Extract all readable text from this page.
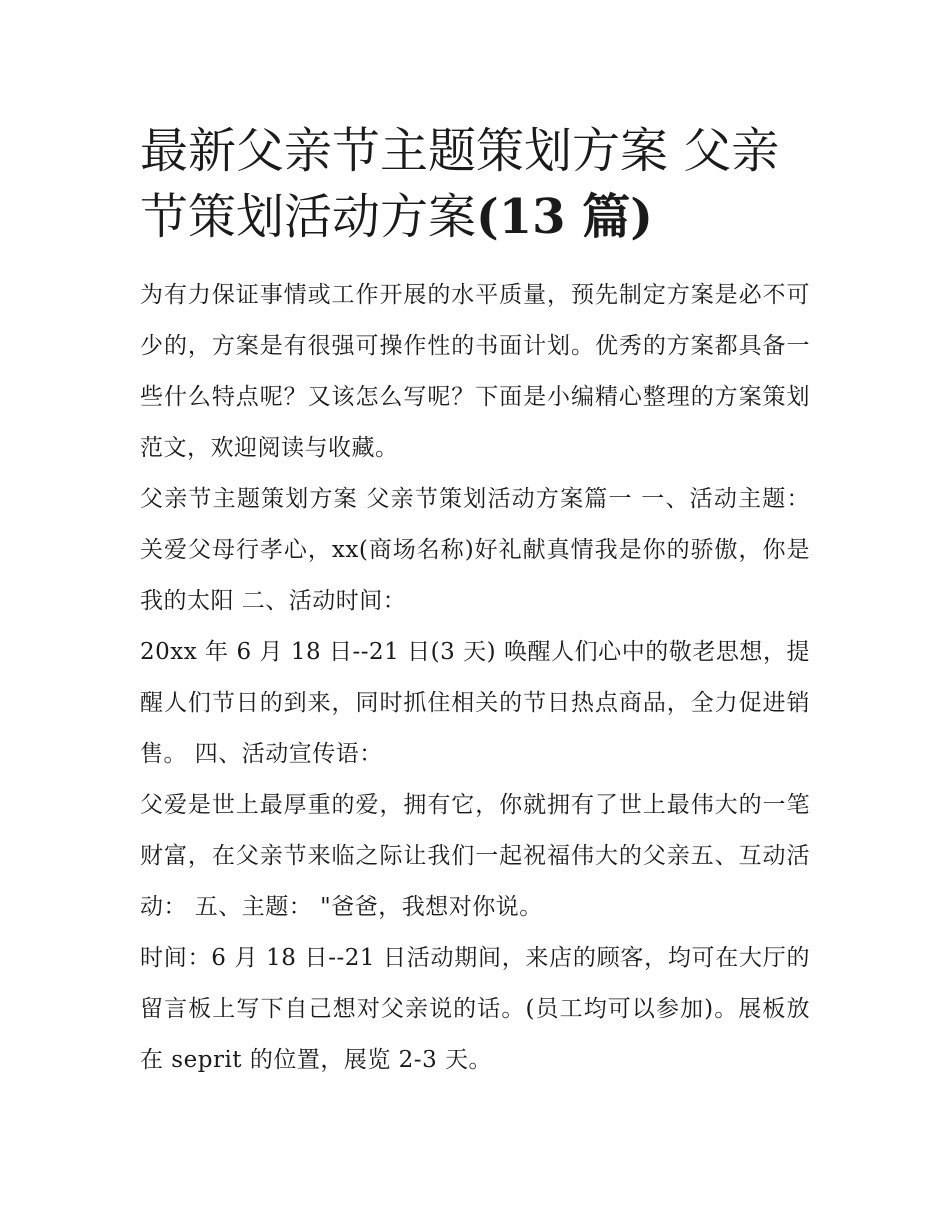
最新父亲节主题策划方案 父亲节策划活动方案(13 篇)

为有力保证事情或工作开展的水平质量，预先制定方案是必不可少的，方案是有很强可操作性的书面计划。优秀的方案都具备一些什么特点呢？又该怎么写呢？下面是小编精心整理的方案策划范文，欢迎阅读与收藏。

父亲节主题策划方案 父亲节策划活动方案篇一 一、活动主题： 关爱父母行孝心，xx(商场名称)好礼献真情我是你的骄傲，你是我的太阳 二、活动时间：

20xx 年 6 月 18 日--21 日(3 天) 唤醒人们心中的敬老思想，提醒人们节日的到来，同时抓住相关的节日热点商品，全力促进销售。 四、活动宣传语：

父爱是世上最厚重的爱，拥有它，你就拥有了世上最伟大的一笔财富，在父亲节来临之际让我们一起祝福伟大的父亲五、互动活动： 五、主题： "爸爸，我想对你说。

时间：6 月 18 日--21 日活动期间，来店的顾客，均可在大厅的留言板上写下自己想对父亲说的话。(员工均可以参加)。展板放在 seprit 的位置，展览 2-3 天。
